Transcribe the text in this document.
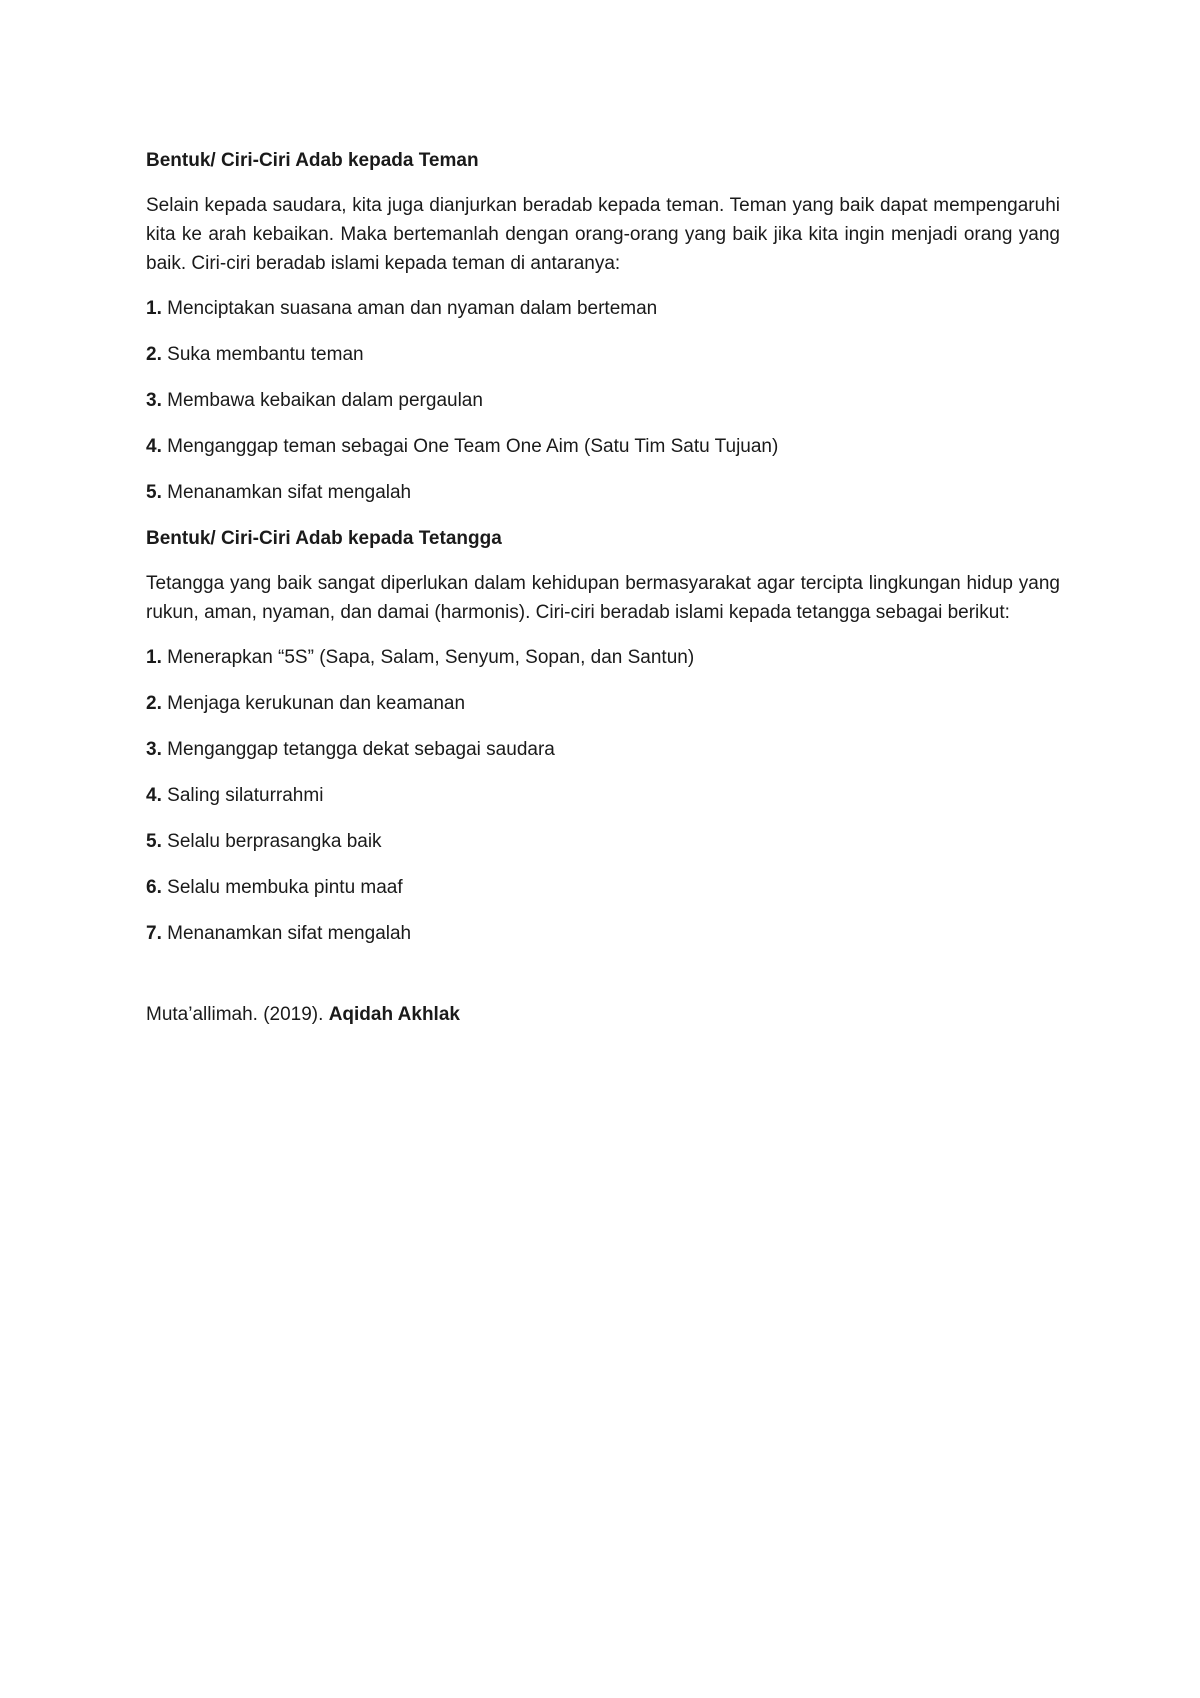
Bentuk/ Ciri-Ciri Adab kepada Teman

Selain kepada saudara, kita juga dianjurkan beradab kepada teman. Teman yang baik dapat mempengaruhi kita ke arah kebaikan. Maka bertemanlah dengan orang-orang yang baik jika kita ingin menjadi orang yang baik. Ciri-ciri beradab islami kepada teman di antaranya:

1. Menciptakan suasana aman dan nyaman dalam berteman
2. Suka membantu teman
3. Membawa kebaikan dalam pergaulan
4. Menganggap teman sebagai One Team One Aim (Satu Tim Satu Tujuan)
5. Menanamkan sifat mengalah
Bentuk/ Ciri-Ciri Adab kepada Tetangga

Tetangga yang baik sangat diperlukan dalam kehidupan bermasyarakat agar tercipta lingkungan hidup yang rukun, aman, nyaman, dan damai (harmonis). Ciri-ciri beradab islami kepada tetangga sebagai berikut:

1. Menerapkan “5S” (Sapa, Salam, Senyum, Sopan, dan Santun)
2. Menjaga kerukunan dan keamanan
3. Menganggap tetangga dekat sebagai saudara
4. Saling silaturrahmi
5. Selalu berprasangka baik
6. Selalu membuka pintu maaf
7. Menanamkan sifat mengalah
Muta’allimah. (2019). Aqidah Akhlak
